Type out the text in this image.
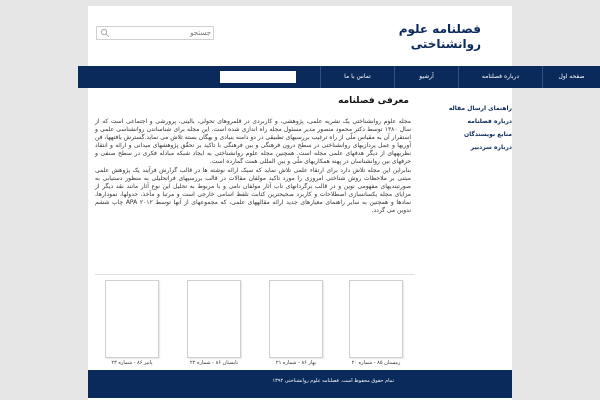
فصلنامه علوم
روانشناختی
جستجو
صفحه اول
درباره فصلنامه
آرشیو
تماس با ما
راهنمای ارسال مقاله
درباره فصلنامه
منابع نویسندگان
درباره سردبیر
معرفی فصلنامه

مجله علوم روانشناختی یک نشریه علمی، پژوهشی، و کاربردی در قلمروهای تحولی، بالینی، پرورشی و اجتماعی است که از سال ۱۳۸۰ توسط دکتر محمود منصور مدیر مسئول مجله راه اندازی شده است. این مجله برای شناساندن روانشناسی علمی و استقرار آن به مقیاس ملّی از راه ترغیب بررسیهای تطبیقی در دو دامنه بنیادی و بهگان بسته تلاش می نماید.گسترش یافتهها، فن آوریها و عمل پردازیهای روانشناختی در سطح درون فرهنگی و بین فرهنگی با تاکید بر تحقّق پژوهشهای میدانی و ارائه و انتقاد نظریههای از دیگر هدفهای علمی مجله است. همچنین مجله علوم روانشناختی به ایجاد شبکه مبادله فکری در سطح صنفی و حرفهای بین روانشناسان در پهنه همکاریهای ملّی و بین المللی همت گمارده است.

بنابراین این مجله تلاش دارد برای ارتقاء علمی تلاش نماید که سبک ارائه نوشته ها در قالب گزارش فرآیند یک پژوهش علمی مبتنی بر ملاحظات روش شناختی امروزی را مورد تاکید مولفان مقالات در قالب بررسیهای فراتحلیلی به منظور دستیابی به صورتبندیهای مفهومی نوین و در قالب برگردانهای تاب آثار مولفان نامی و با مربوط به تحلیل این نوع آثار مانند نقد دیگر از مزایای مجله یکسانسازی اصطلاحات و کاربرد صحیحترین کتابت تلفظ اسامی خارجی است و مرتبا و مآخذ، جدولها، نمودارها، نمادها و همچنین به سایر راهنمای معیارهای جدید ارائه مقالههای علمی، که مجموعهای از آنها توسط APA ۲۰۱۲ چاپ ششم تدوین می گردد.

پاییز ۸۶ - شماره ۲۳	تابستان ۸۶ - شماره ۲۲	بهار ۸۶ - شماره ۲۱	زمستان ۸۵ - شماره ۲۰
تمام حقوق محفوظ است. فصلنامه علوم روانشناختی ۱۳۹۲
